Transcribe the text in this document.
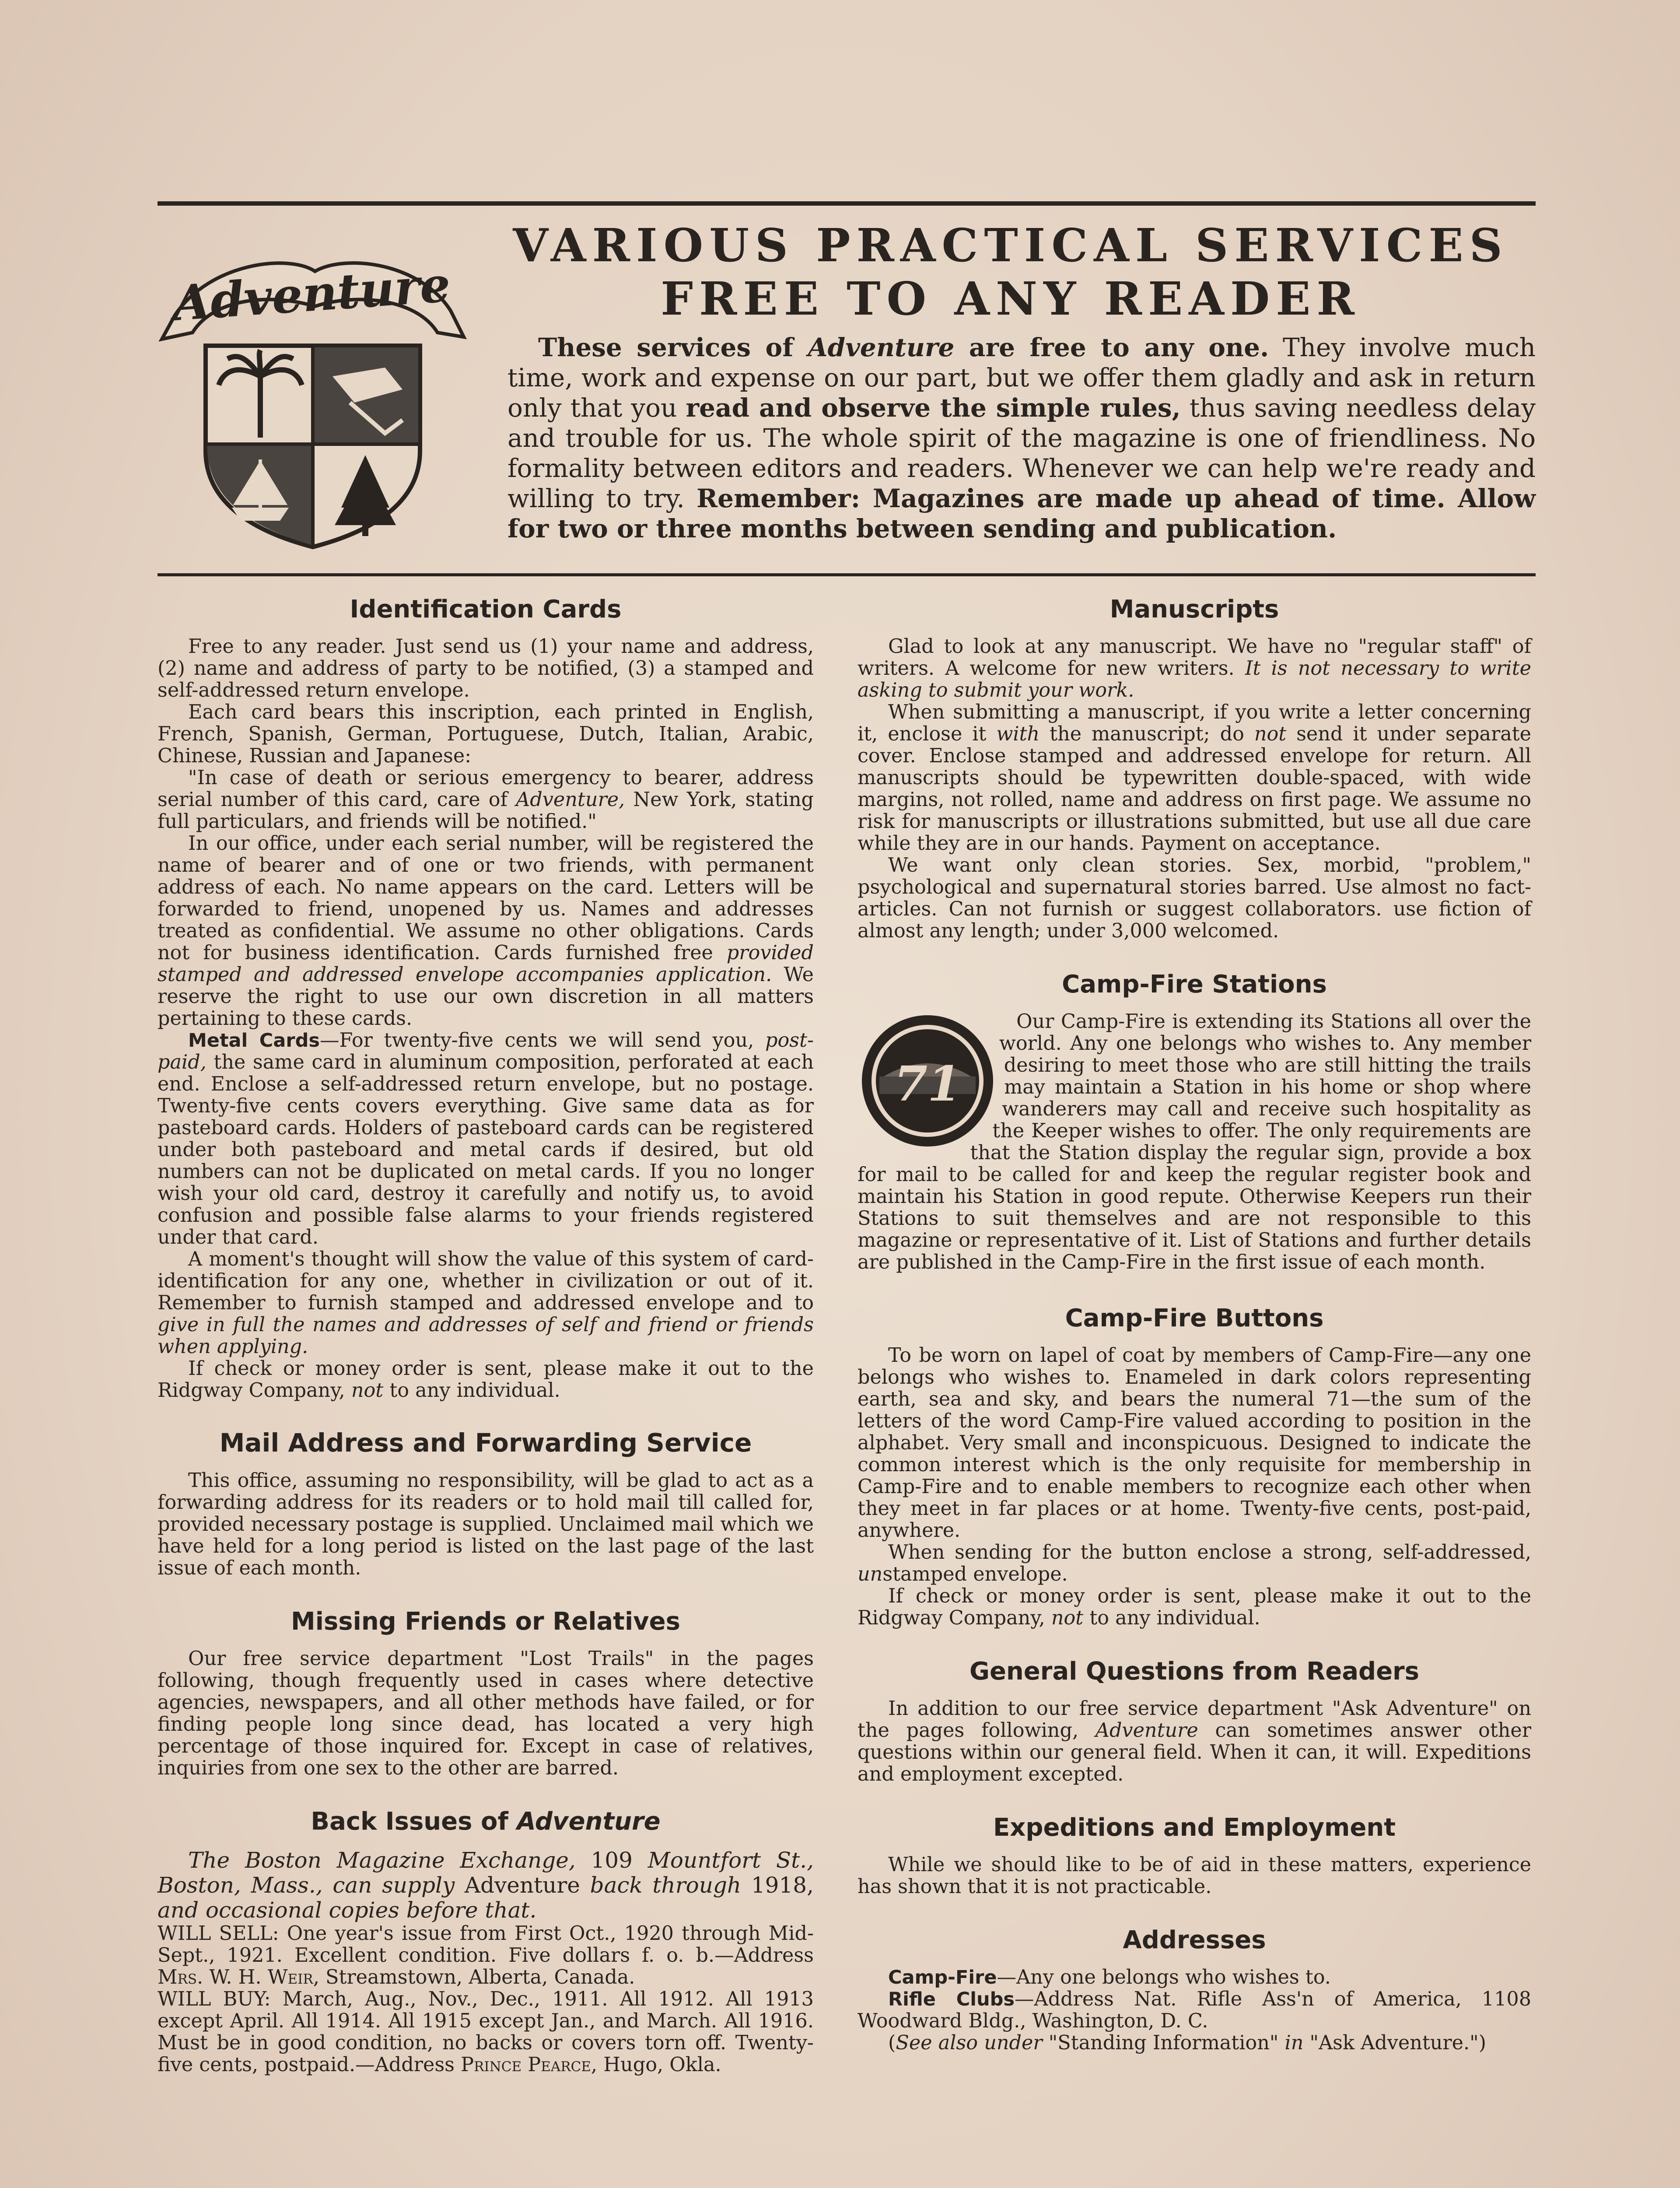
Adventure
VARIOUS PRACTICAL SERVICES
FREE TO ANY READER
These services of Adventure are free to any one. They involve much time, work and expense on our part, but we offer them gladly and ask in return only that you read and observe the simple rules, thus saving needless delay and trouble for us. The whole spirit of the magazine is one of friendliness. No formality between editors and readers. Whenever we can help we're ready and willing to try. Remember: Magazines are made up ahead of time. Allow for two or three months between sending and publication.
Identification Cards

Free to any reader. Just send us (1) your name and address, (2) name and address of party to be notified, (3) a stamped and self-addressed return envelope.

Each card bears this inscription, each printed in English, French, Spanish, German, Portuguese, Dutch, Italian, Arabic, Chinese, Russian and Japanese:

"In case of death or serious emergency to bearer, address serial number of this card, care of Adventure, New York, stating full particulars, and friends will be notified."

In our office, under each serial number, will be registered the name of bearer and of one or two friends, with permanent address of each. No name appears on the card. Letters will be forwarded to friend, unopened by us. Names and addresses treated as confidential. We assume no other obligations. Cards not for business identification. Cards furnished free provided stamped and addressed envelope accompanies application. We reserve the right to use our own discretion in all matters pertaining to these cards.

Metal Cards—For twenty-five cents we will send you, post-paid, the same card in aluminum composition, perforated at each end. Enclose a self-addressed return envelope, but no postage. Twenty-five cents covers everything. Give same data as for pasteboard cards. Holders of pasteboard cards can be registered under both pasteboard and metal cards if desired, but old numbers can not be duplicated on metal cards. If you no longer wish your old card, destroy it carefully and notify us, to avoid confusion and possible false alarms to your friends registered under that card.

A moment's thought will show the value of this system of card-identification for any one, whether in civilization or out of it. Remember to furnish stamped and addressed envelope and to give in full the names and addresses of self and friend or friends when applying.

If check or money order is sent, please make it out to the Ridgway Company, not to any individual.

Mail Address and Forwarding Service

This office, assuming no responsibility, will be glad to act as a forwarding address for its readers or to hold mail till called for, provided necessary postage is supplied. Unclaimed mail which we have held for a long period is listed on the last page of the last issue of each month.

Missing Friends or Relatives

Our free service department "Lost Trails" in the pages following, though frequently used in cases where detective agencies, newspapers, and all other methods have failed, or for finding people long since dead, has located a very high percentage of those inquired for. Except in case of relatives, inquiries from one sex to the other are barred.

Back Issues of Adventure

The Boston Magazine Exchange, 109 Mountfort St., Boston, Mass., can supply Adventure back through 1918, and occasional copies before that.

WILL SELL: One year's issue from First Oct., 1920 through Mid-Sept., 1921. Excellent condition. Five dollars f. o. b.—Address Mrs. W. H. Weir, Streamstown, Alberta, Canada.

WILL BUY: March, Aug., Nov., Dec., 1911. All 1912. All 1913 except April. All 1914. All 1915 except Jan., and March. All 1916. Must be in good condition, no backs or covers torn off. Twenty-five cents, postpaid.—Address Prince Pearce, Hugo, Okla.

Manuscripts

Glad to look at any manuscript. We have no "regular staff" of writers. A welcome for new writers. It is not necessary to write asking to submit your work.

When submitting a manuscript, if you write a letter concerning it, enclose it with the manuscript; do not send it under separate cover. Enclose stamped and addressed envelope for return. All manuscripts should be typewritten double-spaced, with wide margins, not rolled, name and address on first page. We assume no risk for manuscripts or illustrations submitted, but use all due care while they are in our hands. Payment on acceptance.

We want only clean stories. Sex, morbid, "problem," psychological and supernatural stories barred. Use almost no fact-articles. Can not furnish or suggest collaborators. use fiction of almost any length; under 3,000 welcomed.

Camp-Fire Stations
71

Our Camp-Fire is extending its Stations all over the world. Any one belongs who wishes to. Any member desiring to meet those who are still hitting the trails may maintain a Station in his home or shop where wanderers may call and receive such hospitality as the Keeper wishes to offer. The only requirements are that the Station display the regular sign, provide a box for mail to be called for and keep the regular register book and maintain his Station in good repute. Otherwise Keepers run their Stations to suit themselves and are not responsible to this magazine or representative of it. List of Stations and further details are published in the Camp-Fire in the first issue of each month.

Camp-Fire Buttons

To be worn on lapel of coat by members of Camp-Fire—any one belongs who wishes to. Enameled in dark colors representing earth, sea and sky, and bears the numeral 71—the sum of the letters of the word Camp-Fire valued according to position in the alphabet. Very small and inconspicuous. Designed to indicate the common interest which is the only requisite for membership in Camp-Fire and to enable members to recognize each other when they meet in far places or at home. Twenty-five cents, post-paid, anywhere.

When sending for the button enclose a strong, self-addressed, unstamped envelope.

If check or money order is sent, please make it out to the Ridgway Company, not to any individual.

General Questions from Readers

In addition to our free service department "Ask Adventure" on the pages following, Adventure can sometimes answer other questions within our general field. When it can, it will. Expeditions and employment excepted.

Expeditions and Employment

While we should like to be of aid in these matters, experience has shown that it is not practicable.

Addresses

Camp-Fire—Any one belongs who wishes to.

Rifle Clubs—Address Nat. Rifle Ass'n of America, 1108 Woodward Bldg., Washington, D. C.

(See also under "Standing Information" in "Ask Adventure.")
